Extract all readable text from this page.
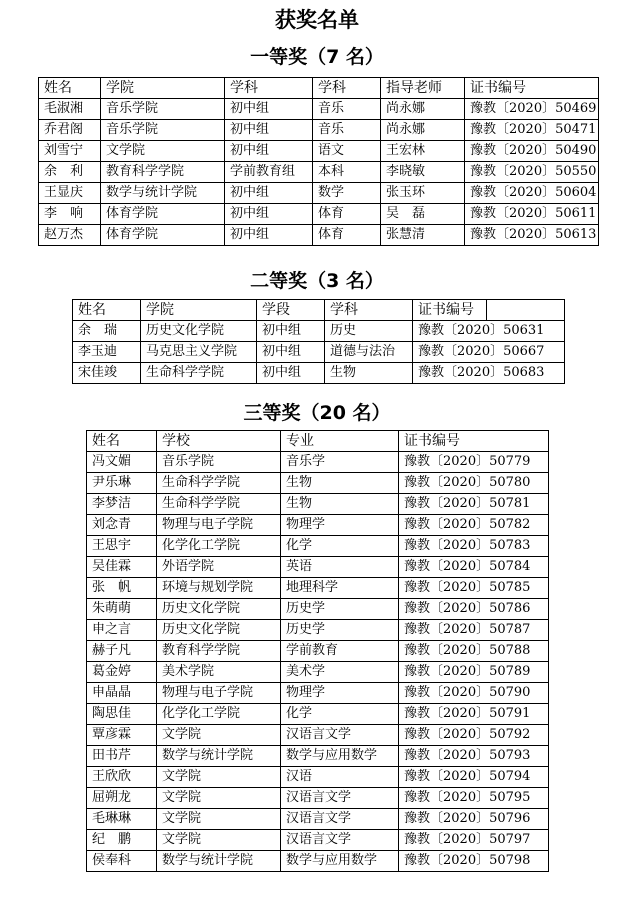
获奖名单
一等奖（7 名）
姓名	学院	学科	学科	指导老师	证书编号
毛淑湘	音乐学院	初中组	音乐	尚永娜	豫教〔2020〕50469
乔君阁	音乐学院	初中组	音乐	尚永娜	豫教〔2020〕50471
刘雪宁	文学院	初中组	语文	王宏林	豫教〔2020〕50490
余　利	教育科学学院	学前教育组	本科	李晓敏	豫教〔2020〕50550
王显庆	数学与统计学院	初中组	数学	张玉环	豫教〔2020〕50604
李　响	体育学院	初中组	体育	吴　磊	豫教〔2020〕50611
赵万杰	体育学院	初中组	体育	张慧清	豫教〔2020〕50613
二等奖（3 名）
姓名	学院	学段	学科	证书编号	
余　瑞	历史文化学院	初中组	历史	豫教〔2020〕50631	
李玉迪	马克思主义学院	初中组	道德与法治	豫教〔2020〕50667	
宋佳竣	生命科学学院	初中组	生物	豫教〔2020〕50683	
三等奖（20 名）
姓名	学校	专业	证书编号
冯文媚	音乐学院	音乐学	豫教〔2020〕50779
尹乐琳	生命科学学院	生物	豫教〔2020〕50780
李梦洁	生命科学学院	生物	豫教〔2020〕50781
刘念青	物理与电子学院	物理学	豫教〔2020〕50782
王思宇	化学化工学院	化学	豫教〔2020〕50783
吴佳霖	外语学院	英语	豫教〔2020〕50784
张　帆	环境与规划学院	地理科学	豫教〔2020〕50785
朱萌萌	历史文化学院	历史学	豫教〔2020〕50786
申之言	历史文化学院	历史学	豫教〔2020〕50787
赫子凡	教育科学学院	学前教育	豫教〔2020〕50788
葛金婷	美术学院	美术学	豫教〔2020〕50789
申晶晶	物理与电子学院	物理学	豫教〔2020〕50790
陶思佳	化学化工学院	化学	豫教〔2020〕50791
覃彦霖	文学院	汉语言文学	豫教〔2020〕50792
田书芹	数学与统计学院	数学与应用数学	豫教〔2020〕50793
王欣欣	文学院	汉语	豫教〔2020〕50794
屈朔龙	文学院	汉语言文学	豫教〔2020〕50795
毛琳琳	文学院	汉语言文学	豫教〔2020〕50796
纪　鹏	文学院	汉语言文学	豫教〔2020〕50797
侯奉科	数学与统计学院	数学与应用数学	豫教〔2020〕50798
